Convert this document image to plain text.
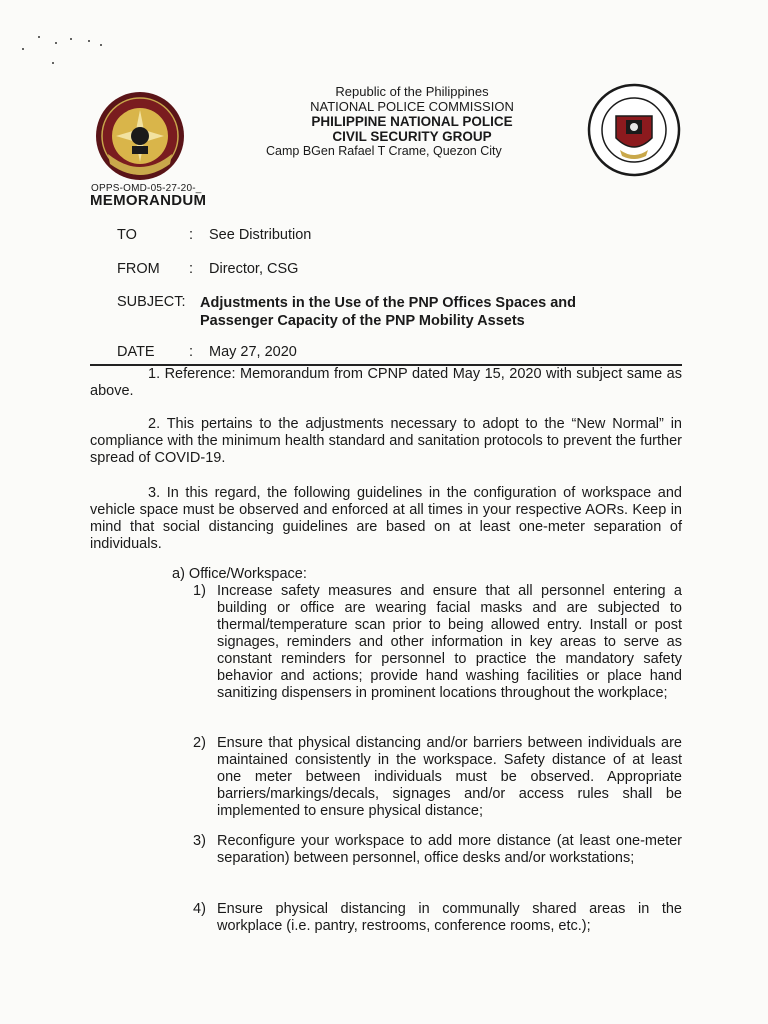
Republic of the Philippines
NATIONAL POLICE COMMISSION
PHILIPPINE NATIONAL POLICE
CIVIL SECURITY GROUP
Camp BGen Rafael T Crame, Quezon City
OPPS-OMD-05-27-20-_
MEMORANDUM
TO	:	See Distribution
FROM	:	Director, CSG
SUBJECT:	Adjustments in the Use of the PNP Offices Spaces and Passenger Capacity of the PNP Mobility Assets
DATE	:	May 27, 2020
1. Reference: Memorandum from CPNP dated May 15, 2020 with subject same as above.
2. This pertains to the adjustments necessary to adopt to the “New Normal” in compliance with the minimum health standard and sanitation protocols to prevent the further spread of COVID-19.
3. In this regard, the following guidelines in the configuration of workspace and vehicle space must be observed and enforced at all times in your respective AORs. Keep in mind that social distancing guidelines are based on at least one-meter separation of individuals.
a) Office/Workspace:
1) Increase safety measures and ensure that all personnel entering a building or office are wearing facial masks and are subjected to thermal/temperature scan prior to being allowed entry. Install or post signages, reminders and other information in key areas to serve as constant reminders for personnel to practice the mandatory safety behavior and actions; provide hand washing facilities or place hand sanitizing dispensers in prominent locations throughout the workplace;
2) Ensure that physical distancing and/or barriers between individuals are maintained consistently in the workspace. Safety distance of at least one meter between individuals must be observed. Appropriate barriers/markings/decals, signages and/or access rules shall be implemented to ensure physical distance;
3) Reconfigure your workspace to add more distance (at least one-meter separation) between personnel, office desks and/or workstations;
4) Ensure physical distancing in communally shared areas in the workplace (i.e. pantry, restrooms, conference rooms, etc.);
